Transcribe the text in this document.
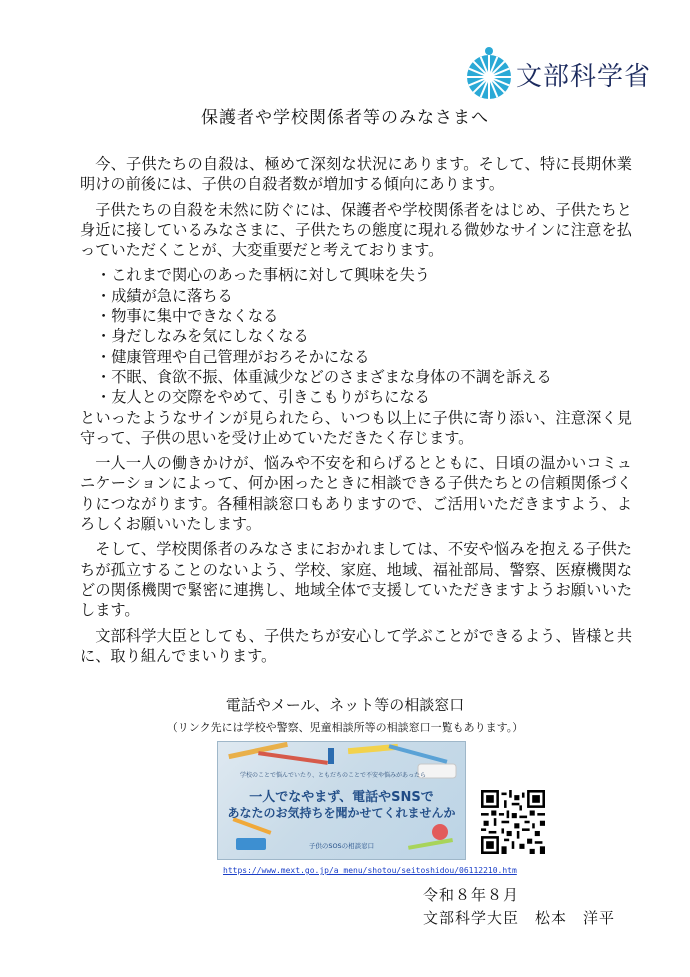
文部科学省
保護者や学校関係者等のみなさまへ

今、子供たちの自殺は、極めて深刻な状況にあります。そして、特に長期休業明けの前後には、子供の自殺者数が増加する傾向にあります。

子供たちの自殺を未然に防ぐには、保護者や学校関係者をはじめ、子供たちと身近に接しているみなさまに、子供たちの態度に現れる微妙なサインに注意を払っていただくことが、大変重要だと考えております。

・これまで関心のあった事柄に対して興味を失う
・成績が急に落ちる
・物事に集中できなくなる
・身だしなみを気にしなくなる
・健康管理や自己管理がおろそかになる
・不眠、食欲不振、体重減少などのさまざまな身体の不調を訴える
・友人との交際をやめて、引きこもりがちになる

といったようなサインが見られたら、いつも以上に子供に寄り添い、注意深く見守って、子供の思いを受け止めていただきたく存じます。

一人一人の働きかけが、悩みや不安を和らげるとともに、日頃の温かいコミュニケーションによって、何か困ったときに相談できる子供たちとの信頼関係づくりにつながります。各種相談窓口もありますので、ご活用いただきますよう、よろしくお願いいたします。

そして、学校関係者のみなさまにおかれましては、不安や悩みを抱える子供たちが孤立することのないよう、学校、家庭、地域、福祉部局、警察、医療機関などの関係機関で緊密に連携し、地域全体で支援していただきますようお願いいたします。

文部科学大臣としても、子供たちが安心して学ぶことができるよう、皆様と共に、取り組んでまいります。

電話やメール、ネット等の相談窓口
（リンク先には学校や警察、児童相談所等の相談窓口一覧もあります。）
学校のことで悩んでいたり、ともだちのことで不安や悩みがあったら
一人でなやまず、電話やSNSで
あなたのお気持ちを聞かせてくれませんか
子供のSOSの相談窓口
https://www.mext.go.jp/a_menu/shotou/seitoshidou/06112210.htm
令和８年８月
文部科学大臣　松本　洋平
